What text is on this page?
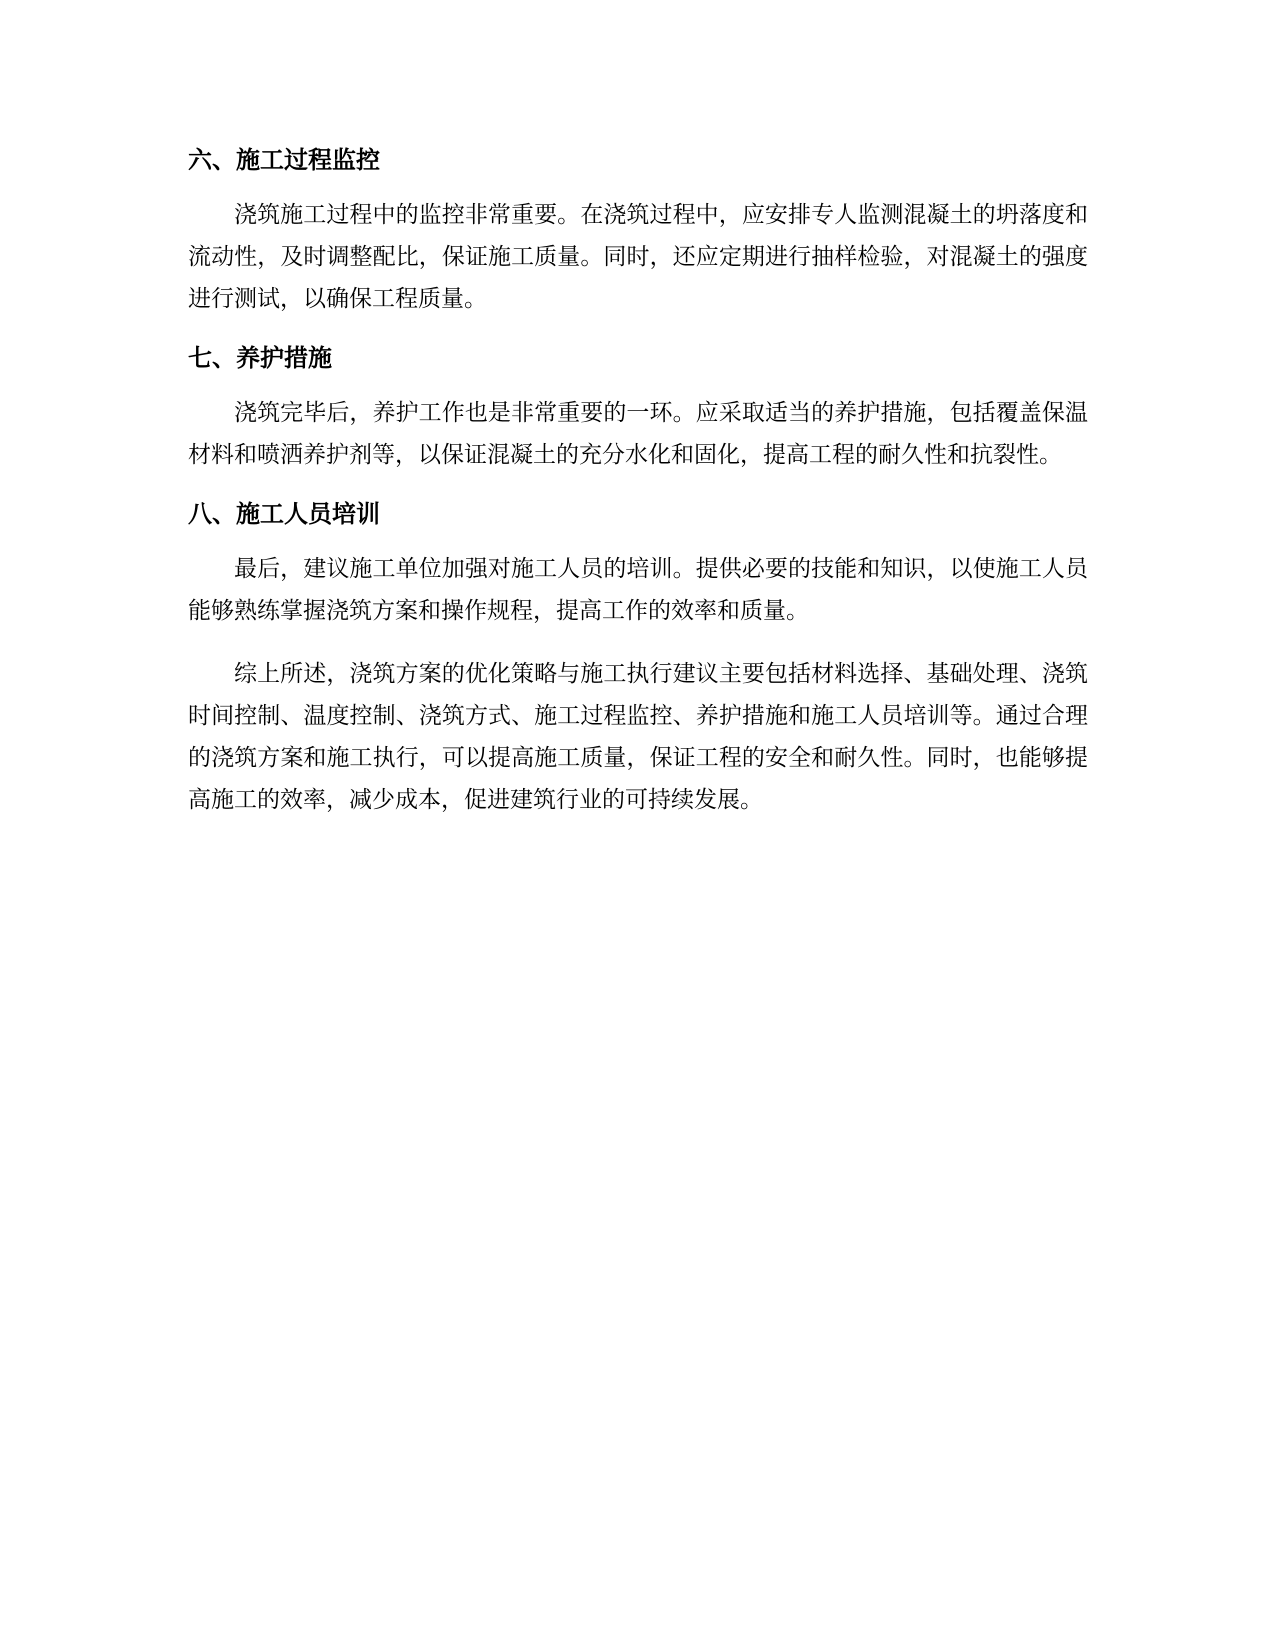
六、施工过程监控

浇筑施工过程中的监控非常重要。在浇筑过程中，应安排专人监测混凝土的坍落度和流动性，及时调整配比，保证施工质量。同时，还应定期进行抽样检验，对混凝土的强度进行测试，以确保工程质量。

七、养护措施

浇筑完毕后，养护工作也是非常重要的一环。应采取适当的养护措施，包括覆盖保温材料和喷洒养护剂等，以保证混凝土的充分水化和固化，提高工程的耐久性和抗裂性。

八、施工人员培训

最后，建议施工单位加强对施工人员的培训。提供必要的技能和知识，以使施工人员能够熟练掌握浇筑方案和操作规程，提高工作的效率和质量。

综上所述，浇筑方案的优化策略与施工执行建议主要包括材料选择、基础处理、浇筑时间控制、温度控制、浇筑方式、施工过程监控、养护措施和施工人员培训等。通过合理的浇筑方案和施工执行，可以提高施工质量，保证工程的安全和耐久性。同时，也能够提高施工的效率，减少成本，促进建筑行业的可持续发展。
